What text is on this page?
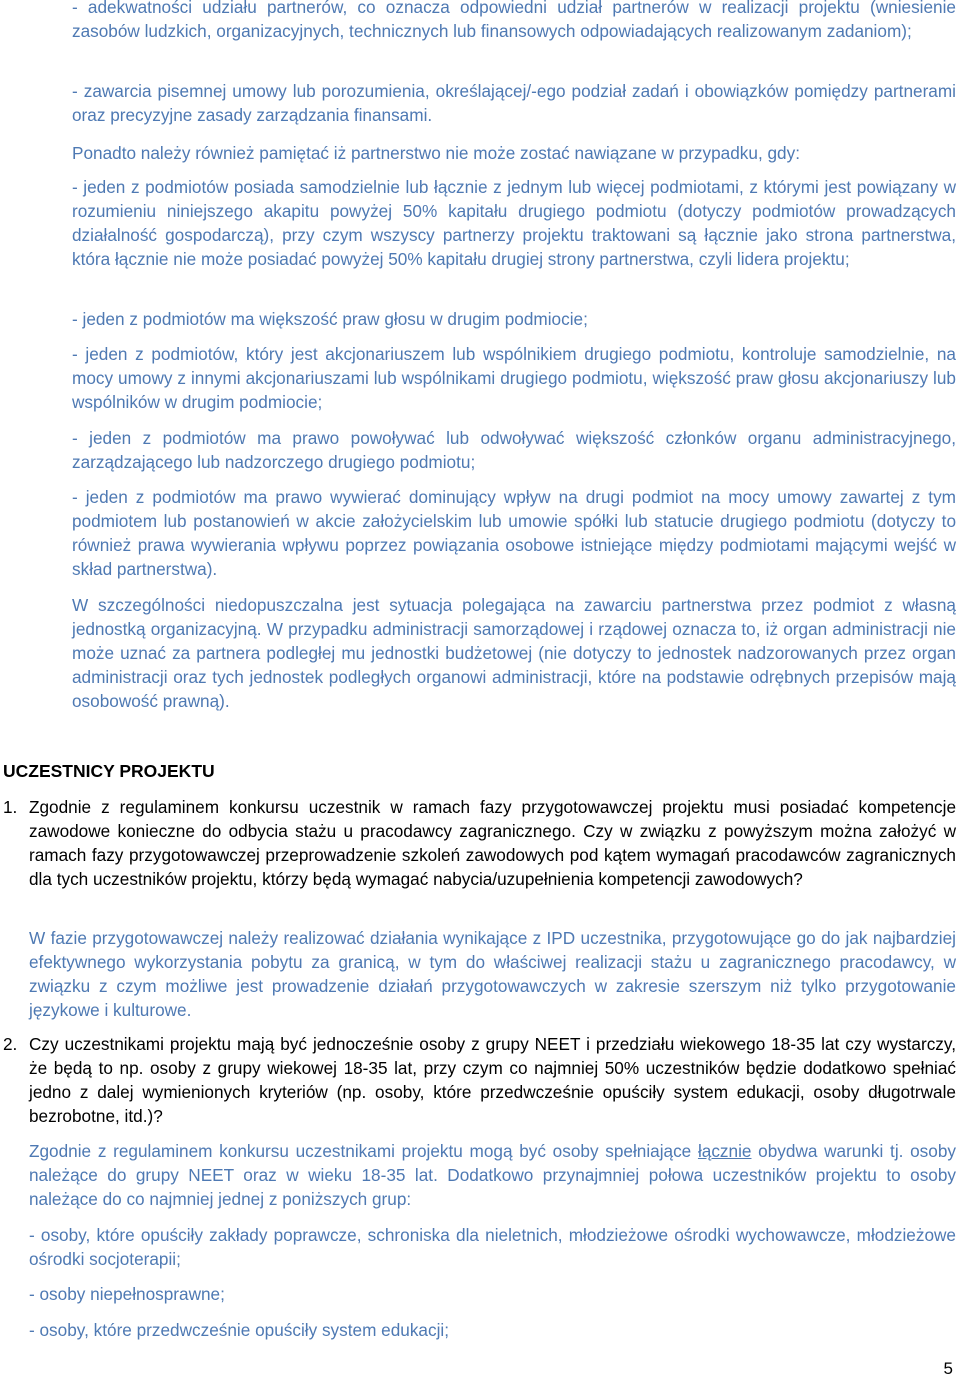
- adekwatności udziału partnerów, co oznacza odpowiedni udział partnerów w realizacji projektu (wniesienie zasobów ludzkich, organizacyjnych, technicznych lub finansowych odpowiadających realizowanym zadaniom);

- zawarcia pisemnej umowy lub porozumienia, określającej/-ego podział zadań i obowiązków pomiędzy partnerami oraz precyzyjne zasady zarządzania finansami.

Ponadto należy również pamiętać iż partnerstwo nie może zostać nawiązane w przypadku, gdy:

- jeden z podmiotów posiada samodzielnie lub łącznie z jednym lub więcej podmiotami, z którymi jest powiązany w rozumieniu niniejszego akapitu powyżej 50% kapitału drugiego podmiotu (dotyczy podmiotów prowadzących działalność gospodarczą), przy czym wszyscy partnerzy projektu traktowani są łącznie jako strona partnerstwa, która łącznie nie może posiadać powyżej 50% kapitału drugiej strony partnerstwa, czyli lidera projektu;

- jeden z podmiotów ma większość praw głosu w drugim podmiocie;

- jeden z podmiotów, który jest akcjonariuszem lub wspólnikiem drugiego podmiotu, kontroluje samodzielnie, na mocy umowy z innymi akcjonariuszami lub wspólnikami drugiego podmiotu, większość praw głosu akcjonariuszy lub wspólników w drugim podmiocie;

- jeden z podmiotów ma prawo powoływać lub odwoływać większość członków organu administracyjnego, zarządzającego lub nadzorczego drugiego podmiotu;

- jeden z podmiotów ma prawo wywierać dominujący wpływ na drugi podmiot na mocy umowy zawartej z tym podmiotem lub postanowień w akcie założycielskim lub umowie spółki lub statucie drugiego podmiotu (dotyczy to również prawa wywierania wpływu poprzez powiązania osobowe istniejące między podmiotami mającymi wejść w skład partnerstwa).

W szczególności niedopuszczalna jest sytuacja polegająca na zawarciu partnerstwa przez podmiot z własną jednostką organizacyjną. W przypadku administracji samorządowej i rządowej oznacza to, iż organ administracji nie może uznać za partnera podległej mu jednostki budżetowej (nie dotyczy to jednostek nadzorowanych przez organ administracji oraz tych jednostek podległych organowi administracji, które na podstawie odrębnych przepisów mają osobowość prawną).

UCZESTNICY PROJEKTU
1. Zgodnie z regulaminem konkursu uczestnik w ramach fazy przygotowawczej projektu musi posiadać kompetencje zawodowe konieczne do odbycia stażu u pracodawcy zagranicznego. Czy w związku z powyższym można założyć w ramach fazy przygotowawczej przeprowadzenie szkoleń zawodowych pod kątem wymagań pracodawców zagranicznych dla tych uczestników projektu, którzy będą wymagać nabycia/uzupełnienia kompetencji zawodowych?

W fazie przygotowawczej należy realizować działania wynikające z IPD uczestnika, przygotowujące go do jak najbardziej efektywnego wykorzystania pobytu za granicą, w tym do właściwej realizacji stażu u zagranicznego pracodawcy, w związku z czym możliwe jest prowadzenie działań przygotowawczych w zakresie szerszym niż tylko przygotowanie językowe i kulturowe.

2. Czy uczestnikami projektu mają być jednocześnie osoby z grupy NEET i przedziału wiekowego 18-35 lat czy wystarczy, że będą to np. osoby z grupy wiekowej 18-35 lat, przy czym co najmniej 50% uczestników będzie dodatkowo spełniać jedno z dalej wymienionych kryteriów (np. osoby, które przedwcześnie opuściły system edukacji, osoby długotrwale bezrobotne, itd.)?

Zgodnie z regulaminem konkursu uczestnikami projektu mogą być osoby spełniające łącznie obydwa warunki tj. osoby należące do grupy NEET oraz w wieku 18-35 lat. Dodatkowo przynajmniej połowa uczestników projektu to osoby należące do co najmniej jednej z poniższych grup:

- osoby, które opuściły zakłady poprawcze, schroniska dla nieletnich, młodzieżowe ośrodki wychowawcze, młodzieżowe ośrodki socjoterapii;

- osoby niepełnosprawne;

- osoby, które przedwcześnie opuściły system edukacji;

5
